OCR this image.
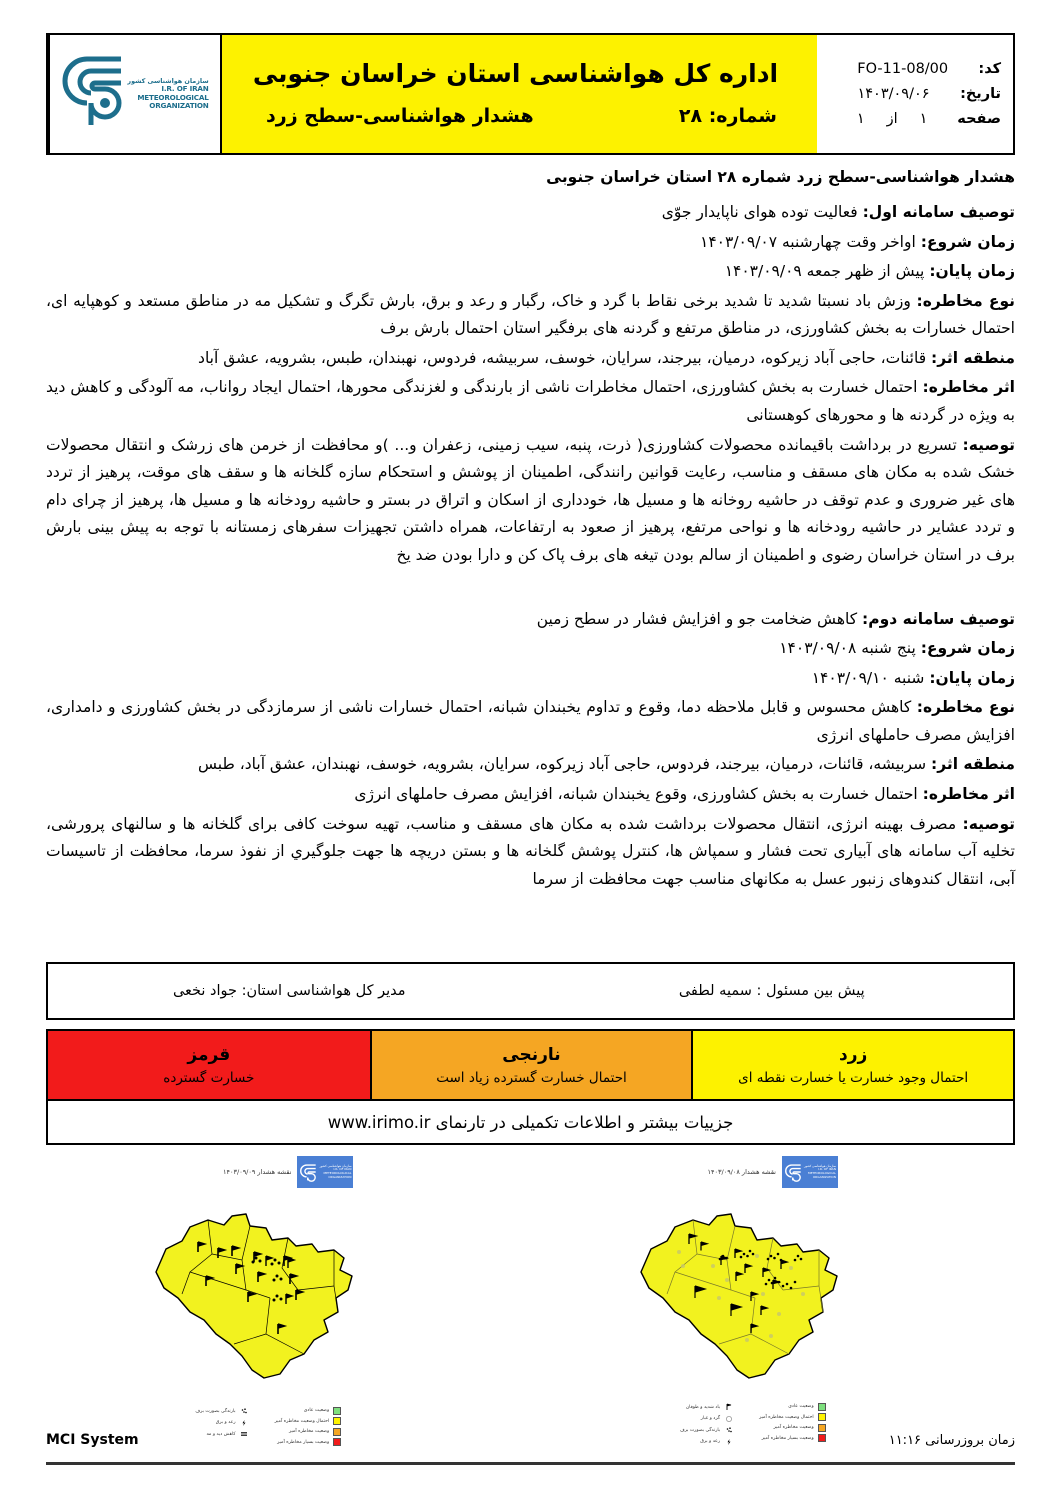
کد:
FO-11-08/00
تاریخ:
۱۴۰۳/۰۹/۰۶
صفحه
۱ از ۱
اداره کل هواشناسی استان خراسان جنوبی
شماره: ۲۸
هشدار هواشناسی-سطح زرد
سازمان هواشناسی کشور
I.R. OF IRAN
METEOROLOGICAL
ORGANIZATION
هشدار هواشناسی-سطح زرد شماره ۲۸ استان خراسان جنوبی

توصیف سامانه اول: فعالیت توده هوای ناپایدار جوّی

زمان شروع: اواخر وقت چهارشنبه ۱۴۰۳/۰۹/۰۷

زمان پایان: پیش از ظهر جمعه ۱۴۰۳/۰۹/۰۹

نوع مخاطره: وزش باد نسبتا شدید تا شدید برخی نقاط با گرد و خاک، رگبار و رعد و برق، بارش تگرگ و تشکیل مه در مناطق مستعد و کوهپایه ای، احتمال خسارات به بخش کشاورزی، در مناطق مرتفع و گردنه های برفگیر استان احتمال بارش برف

منطقه اثر: قائنات، حاجی آباد زیرکوه، درمیان، بیرجند، سرایان، خوسف، سربیشه، فردوس، نهبندان، طبس، بشرویه، عشق آباد

اثر مخاطره: احتمال خسارت به بخش کشاورزی، احتمال مخاطرات ناشی از بارندگی و لغزندگی محورها، احتمال ایجاد رواناب، مه آلودگی و کاهش دید به ویژه در گردنه ها و محورهای کوهستانی

توصیه: تسریع در برداشت باقیمانده محصولات کشاورزی( ذرت، پنبه، سیب زمینی، زعفران و... )و محافظت از خرمن های زرشک و انتقال محصولات خشک شده به مکان های مسقف و مناسب، رعایت قوانین رانندگی، اطمینان از پوشش و استحکام سازه گلخانه ها و سقف های موقت، پرهیز از تردد های غیر ضروری و عدم توقف در حاشیه روخانه ها و مسیل ها، خودداری از اسکان و اتراق در بستر و حاشیه رودخانه ها و مسیل ها، پرهیز از چرای دام و تردد عشایر در حاشیه رودخانه ها و نواحی مرتفع، پرهیز از صعود به ارتفاعات، همراه داشتن تجهیزات سفرهای زمستانه با توجه به پیش بینی بارش برف در استان خراسان رضوی و اطمینان از سالم بودن تیغه های برف پاک کن و دارا بودن ضد یخ

توصیف سامانه دوم: کاهش ضخامت جو و افزایش فشار در سطح زمین

زمان شروع: پنج شنبه ۱۴۰۳/۰۹/۰۸

زمان پایان: شنبه ۱۴۰۳/۰۹/۱۰

نوع مخاطره: کاهش محسوس و قابل ملاحظه دما، وقوع و تداوم یخبندان شبانه، احتمال خسارات ناشی از سرمازدگی در بخش کشاورزی و دامداری، افزایش مصرف حاملهای انرژی

منطقه اثر: سربیشه، قائنات، درمیان، بیرجند، فردوس، حاجی آباد زیرکوه، سرایان، بشرویه، خوسف، نهبندان، عشق آباد، طبس

اثر مخاطره: احتمال خسارت به بخش کشاورزی، وقوع یخبندان شبانه، افزایش مصرف حاملهای انرژی

توصیه: مصرف بهینه انرژی، انتقال محصولات برداشت شده به مکان های مسقف و مناسب، تهیه سوخت کافی برای گلخانه ها و سالنهای پرورشی، تخلیه آب سامانه های آبیاری تحت فشار و سمپاش ها، کنترل پوشش گلخانه ها و بستن دریچه ها جهت جلوگيري از نفوذ سرما، محافظت از تاسیسات آبی، انتقال کندوهای زنبور عسل به مکانهای مناسب جهت محافظت از سرما

پیش بین مسئول : سمیه لطفی
مدیر کل هواشناسی استان: جواد نخعی
زرد
احتمال وجود خسارت یا خسارت نقطه ای
نارنجی
احتمال خسارت گسترده زیاد است
قرمز
خسارت گسترده
جزییات بیشتر و اطلاعات تکمیلی در تارنمای

www.irimo.ir
سازمان هواشناسی کشور
I.R. OF IRAN
METEOROLOGICAL
ORGANIZATION
نقشه هشدار ۱۴۰۳/۰۹/۰۸
باد شدید و طوفان
گرد و غبار
بارندگی بصورت برف
رعد و برق
وضعیت عادی
احتمال وضعیت مخاطره آمیز
وضعیت مخاطره آمیز
وضعیت بسیار مخاطره آمیز
سازمان هواشناسی کشور
I.R. OF IRAN
METEOROLOGICAL
ORGANIZATION
نقشه هشدار ۱۴۰۳/۰۹/۰۹
بارندگی بصورت برف
رعد و برق
کاهش دید و مه
وضعیت عادی
احتمال وضعیت مخاطره آمیز
وضعیت مخاطره آمیز
وضعیت بسیار مخاطره آمیز	زمان بروزرسانی ۱۱:۱۶
MCI System
